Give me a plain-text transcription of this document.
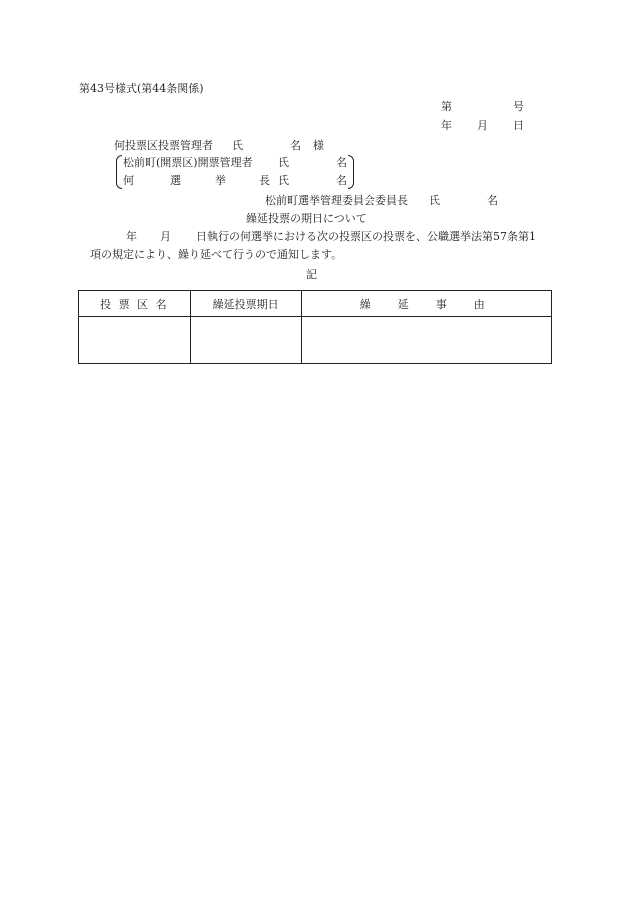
第43号様式(第44条関係)
第	号
年 月 日
何投票区投票管理者 氏	名 様
松前町(開票区)開票管理者 氏	名
何	選	挙	長 氏	名
松前町選挙管理委員会委員長 氏	名
繰延投票の期日について
年 月 日執行の何選挙における次の投票区の投票を、公職選挙法第57条第1
項の規定により、繰り延べて行うので通知します。
記
投 票 区 名	繰延投票期日	繰　延　事　由
